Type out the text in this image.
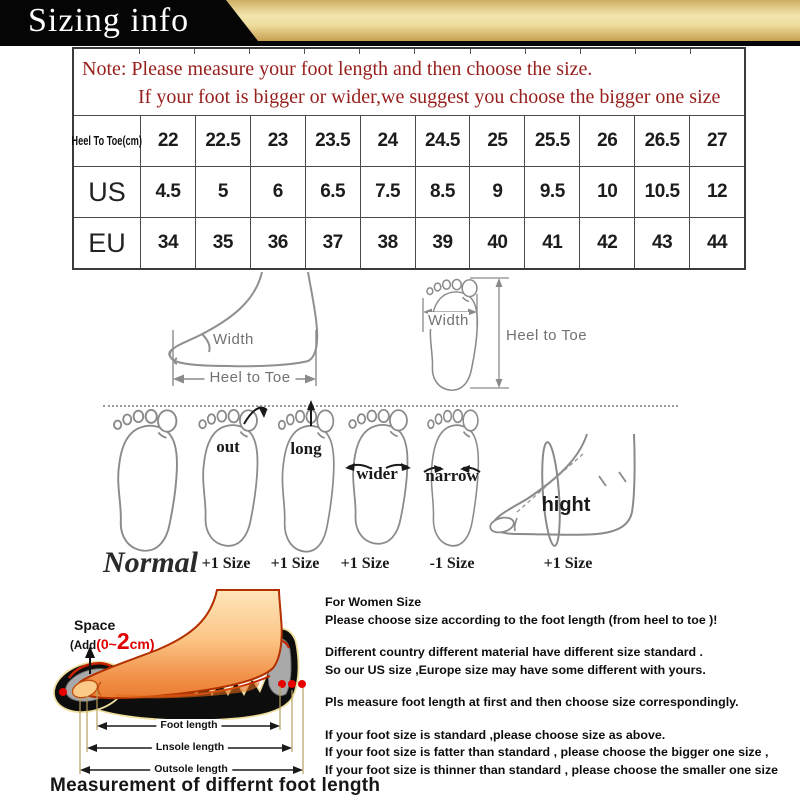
Sizing info

Note: Please measure your foot length and then choose the size.

If your foot is bigger or wider,we suggest you choose the bigger one size

Heel To Toe(cm) 22	22.5	23	23.5	24	24.5	25	25.5	26	26.5	27
US	4.5	5	6	6.5	7.5	8.5	9	9.5	10	10.5	12
EU	34	35	36	37	38	39	40	41	42	43	44
Width
Heel to Toe
Width
Heel to Toe
out	long
wider narrow
hight
Normal +1 Size +1 Size +1 Size	-1 Size	+1 Size
Space
(Add (0~ 2 cm)
Foot length
Lnsole length
Outsole length
Measurement of differnt foot length

For Women Size

Please choose size according to the foot length (from heel to toe )!

Different country different material have different size standard .

So our US size ,Europe size may have some different with yours.

Pls measure foot length at first and then choose size correspondingly.

If your foot size is standard ,please choose size as above.

If your foot size is fatter than standard , please choose the bigger one size ,

If your foot size is thinner than standard , please choose the smaller one size
